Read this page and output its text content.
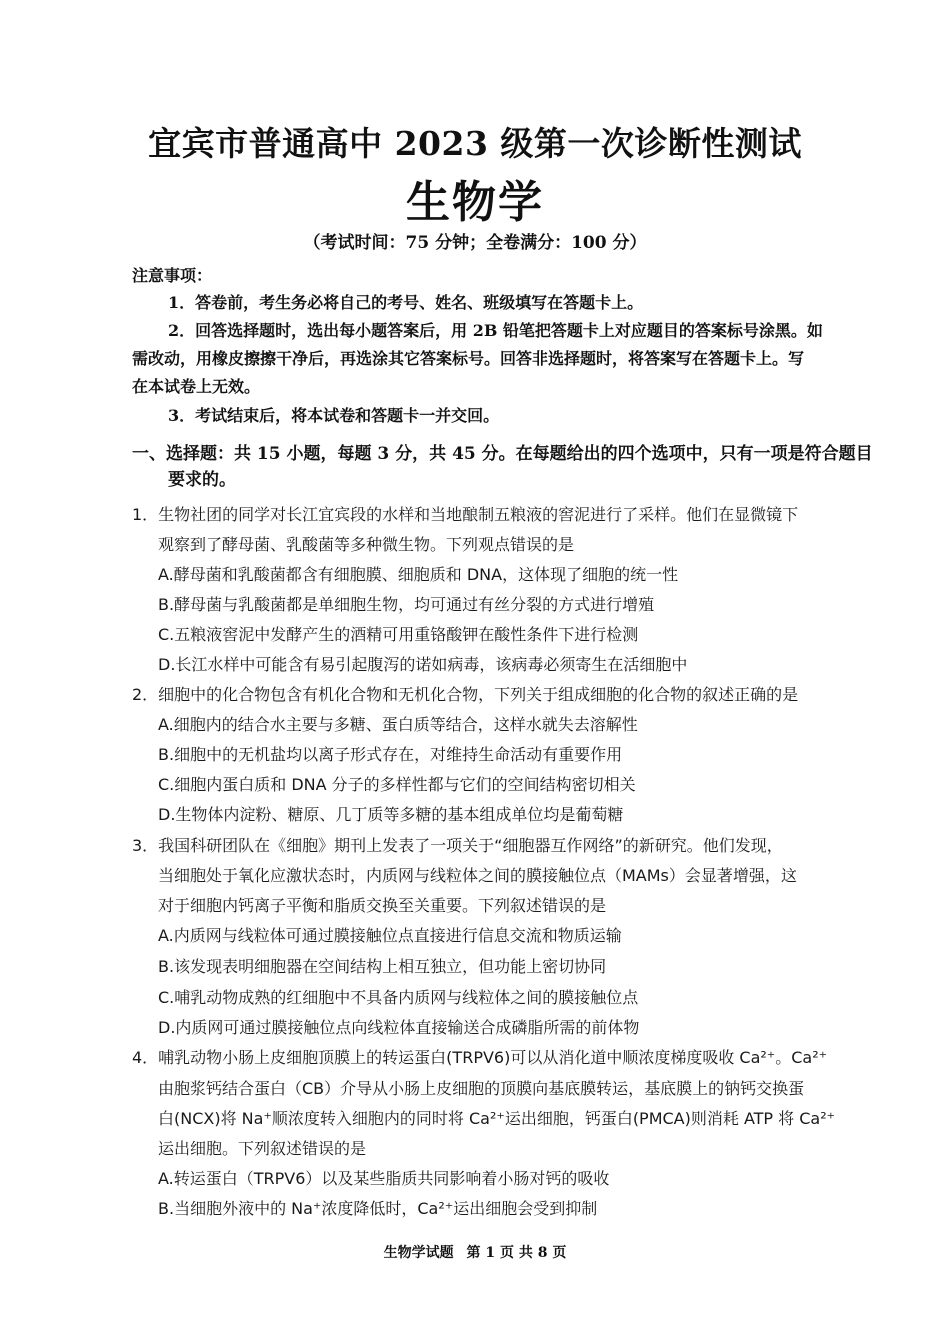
宜宾市普通高中 2023 级第一次诊断性测试
生物学
（考试时间：75 分钟；全卷满分：100 分）
注意事项：
1．答卷前，考生务必将自己的考号、姓名、班级填写在答题卡上。
2．回答选择题时，选出每小题答案后，用 2B 铅笔把答题卡上对应题目的答案标号涂黑。如
需改动，用橡皮擦擦干净后，再选涂其它答案标号。回答非选择题时，将答案写在答题卡上。写
在本试卷上无效。
3．考试结束后，将本试卷和答题卡一并交回。
一、选择题：共 15 小题，每题 3 分，共 45 分。在每题给出的四个选项中，只有一项是符合题目
要求的。
1．生物社团的同学对长江宜宾段的水样和当地酿制五粮液的窖泥进行了采样。他们在显微镜下
观察到了酵母菌、乳酸菌等多种微生物。下列观点错误的是
A.酵母菌和乳酸菌都含有细胞膜、细胞质和 DNA，这体现了细胞的统一性
B.酵母菌与乳酸菌都是单细胞生物，均可通过有丝分裂的方式进行增殖
C.五粮液窖泥中发酵产生的酒精可用重铬酸钾在酸性条件下进行检测
D.长江水样中可能含有易引起腹泻的诺如病毒，该病毒必须寄生在活细胞中
2．细胞中的化合物包含有机化合物和无机化合物，下列关于组成细胞的化合物的叙述正确的是
A.细胞内的结合水主要与多糖、蛋白质等结合，这样水就失去溶解性
B.细胞中的无机盐均以离子形式存在，对维持生命活动有重要作用
C.细胞内蛋白质和 DNA 分子的多样性都与它们的空间结构密切相关
D.生物体内淀粉、糖原、几丁质等多糖的基本组成单位均是葡萄糖
3．我国科研团队在《细胞》期刊上发表了一项关于“细胞器互作网络”的新研究。他们发现，
当细胞处于氧化应激状态时，内质网与线粒体之间的膜接触位点（MAMs）会显著增强，这
对于细胞内钙离子平衡和脂质交换至关重要。下列叙述错误的是
A.内质网与线粒体可通过膜接触位点直接进行信息交流和物质运输
B.该发现表明细胞器在空间结构上相互独立，但功能上密切协同
C.哺乳动物成熟的红细胞中不具备内质网与线粒体之间的膜接触位点
D.内质网可通过膜接触位点向线粒体直接输送合成磷脂所需的前体物
4．哺乳动物小肠上皮细胞顶膜上的转运蛋白(TRPV6)可以从消化道中顺浓度梯度吸收 Ca²⁺。Ca²⁺
由胞浆钙结合蛋白（CB）介导从小肠上皮细胞的顶膜向基底膜转运，基底膜上的钠钙交换蛋
白(NCX)将 Na⁺顺浓度转入细胞内的同时将 Ca²⁺运出细胞，钙蛋白(PMCA)则消耗 ATP 将 Ca²⁺
运出细胞。下列叙述错误的是
A.转运蛋白（TRPV6）以及某些脂质共同影响着小肠对钙的吸收
B.当细胞外液中的 Na⁺浓度降低时，Ca²⁺运出细胞会受到抑制
生物学试题 第 1 页 共 8 页
